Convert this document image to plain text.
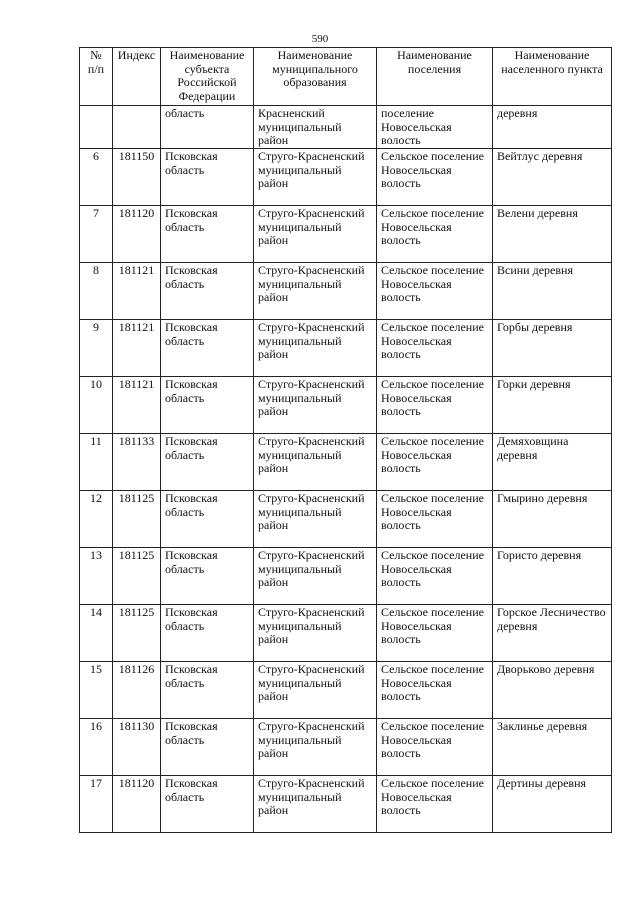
590
№ п/п	Индекс	Наименование субъекта Российской Федерации	Наименование муниципального образования	Наименование поселения	Наименование населенного пункта
		область	Красненский муниципальный район	поселение Новосельская волость	деревня
6	181150	Псковская область	Струго-Красненский муниципальный район	Сельское поселение Новосельская волость	Вейтлус деревня
7	181120	Псковская область	Струго-Красненский муниципальный район	Сельское поселение Новосельская волость	Велени деревня
8	181121	Псковская область	Струго-Красненский муниципальный район	Сельское поселение Новосельская волость	Всини деревня
9	181121	Псковская область	Струго-Красненский муниципальный район	Сельское поселение Новосельская волость	Горбы деревня
10	181121	Псковская область	Струго-Красненский муниципальный район	Сельское поселение Новосельская волость	Горки деревня
11	181133	Псковская область	Струго-Красненский муниципальный район	Сельское поселение Новосельская волость	Демяховщина деревня
12	181125	Псковская область	Струго-Красненский муниципальный район	Сельское поселение Новосельская волость	Гмырино деревня
13	181125	Псковская область	Струго-Красненский муниципальный район	Сельское поселение Новосельская волость	Гористо деревня
14	181125	Псковская область	Струго-Красненский муниципальный район	Сельское поселение Новосельская волость	Горское Лесничество деревня
15	181126	Псковская область	Струго-Красненский муниципальный район	Сельское поселение Новосельская волость	Дворьково деревня
16	181130	Псковская область	Струго-Красненский муниципальный район	Сельское поселение Новосельская волость	Заклинье деревня
17	181120	Псковская область	Струго-Красненский муниципальный район	Сельское поселение Новосельская волость	Дертины деревня
